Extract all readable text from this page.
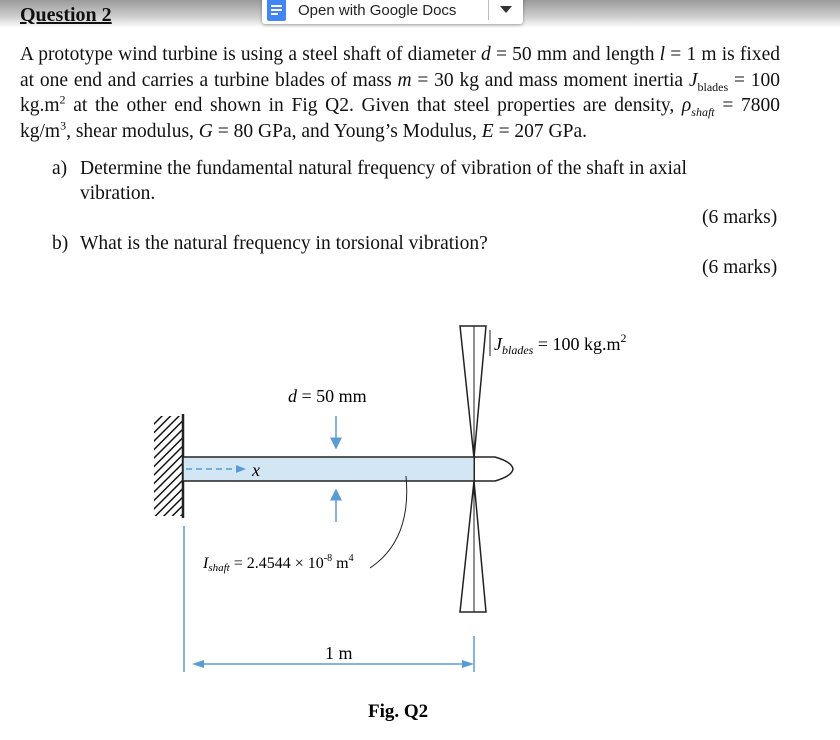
Open with Google Docs
Question 2
A prototype wind turbine is using a steel shaft of diameter d = 50 mm and length l = 1 m is fixed at one end and carries a turbine blades of mass m = 30 kg and mass moment inertia $J_{blades} = 100$ $kg.m^2$ at the other end shown in Fig Q2. Given that steel properties are density, $\rho_{shaft} = 7800$ $kg/m^3$, shear modulus, G = 80 GPa, and Young’s Modulus, E = 207 GPa.
a) Determine the fundamental natural frequency of vibration of the shaft in axial
vibration.
(6 marks)
b) What is the natural frequency in torsional vibration?
(6 marks)
x
d = 50 mm
Ishaft = $2.4544 \times 10^{-8}$ $m^4$
$J_{blades} = 100$ $kg.m^2$
1 m
Fig. Q2
